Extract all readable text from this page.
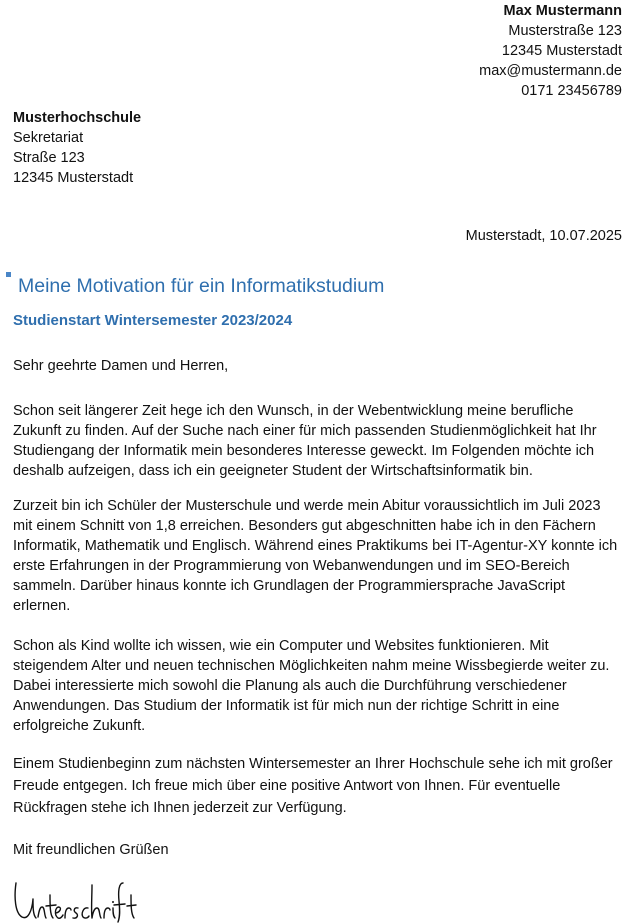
Max Mustermann
Musterstraße 123
12345 Musterstadt
max@mustermann.de
0171 23456789
Musterhochschule
Sekretariat
Straße 123
12345 Musterstadt
Musterstadt, 10.07.2025
Meine Motivation für ein Informatikstudium
Studienstart Wintersemester 2023/2024
Sehr geehrte Damen und Herren,
Schon seit längerer Zeit hege ich den Wunsch, in der Webentwicklung meine berufliche Zukunft zu finden. Auf der Suche nach einer für mich passenden Studienmöglichkeit hat Ihr Studiengang der Informatik mein besonderes Interesse geweckt. Im Folgenden möchte ich deshalb aufzeigen, dass ich ein geeigneter Student der Wirtschaftsinformatik bin.
Zurzeit bin ich Schüler der Musterschule und werde mein Abitur voraussichtlich im Juli 2023 mit einem Schnitt von 1,8 erreichen. Besonders gut abgeschnitten habe ich in den Fächern Informatik, Mathematik und Englisch. Während eines Praktikums bei IT-Agentur-XY konnte ich erste Erfahrungen in der Programmierung von Webanwendungen und im SEO-Bereich sammeln. Darüber hinaus konnte ich Grundlagen der Programmiersprache JavaScript erlernen.
Schon als Kind wollte ich wissen, wie ein Computer und Websites funktionieren. Mit steigendem Alter und neuen technischen Möglichkeiten nahm meine Wissbegierde weiter zu. Dabei interessierte mich sowohl die Planung als auch die Durchführung verschiedener Anwendungen. Das Studium der Informatik ist für mich nun der richtige Schritt in eine erfolgreiche Zukunft.
Einem Studienbeginn zum nächsten Wintersemester an Ihrer Hochschule sehe ich mit großer Freude entgegen. Ich freue mich über eine positive Antwort von Ihnen. Für eventuelle Rückfragen stehe ich Ihnen jederzeit zur Verfügung.
Mit freundlichen Grüßen
